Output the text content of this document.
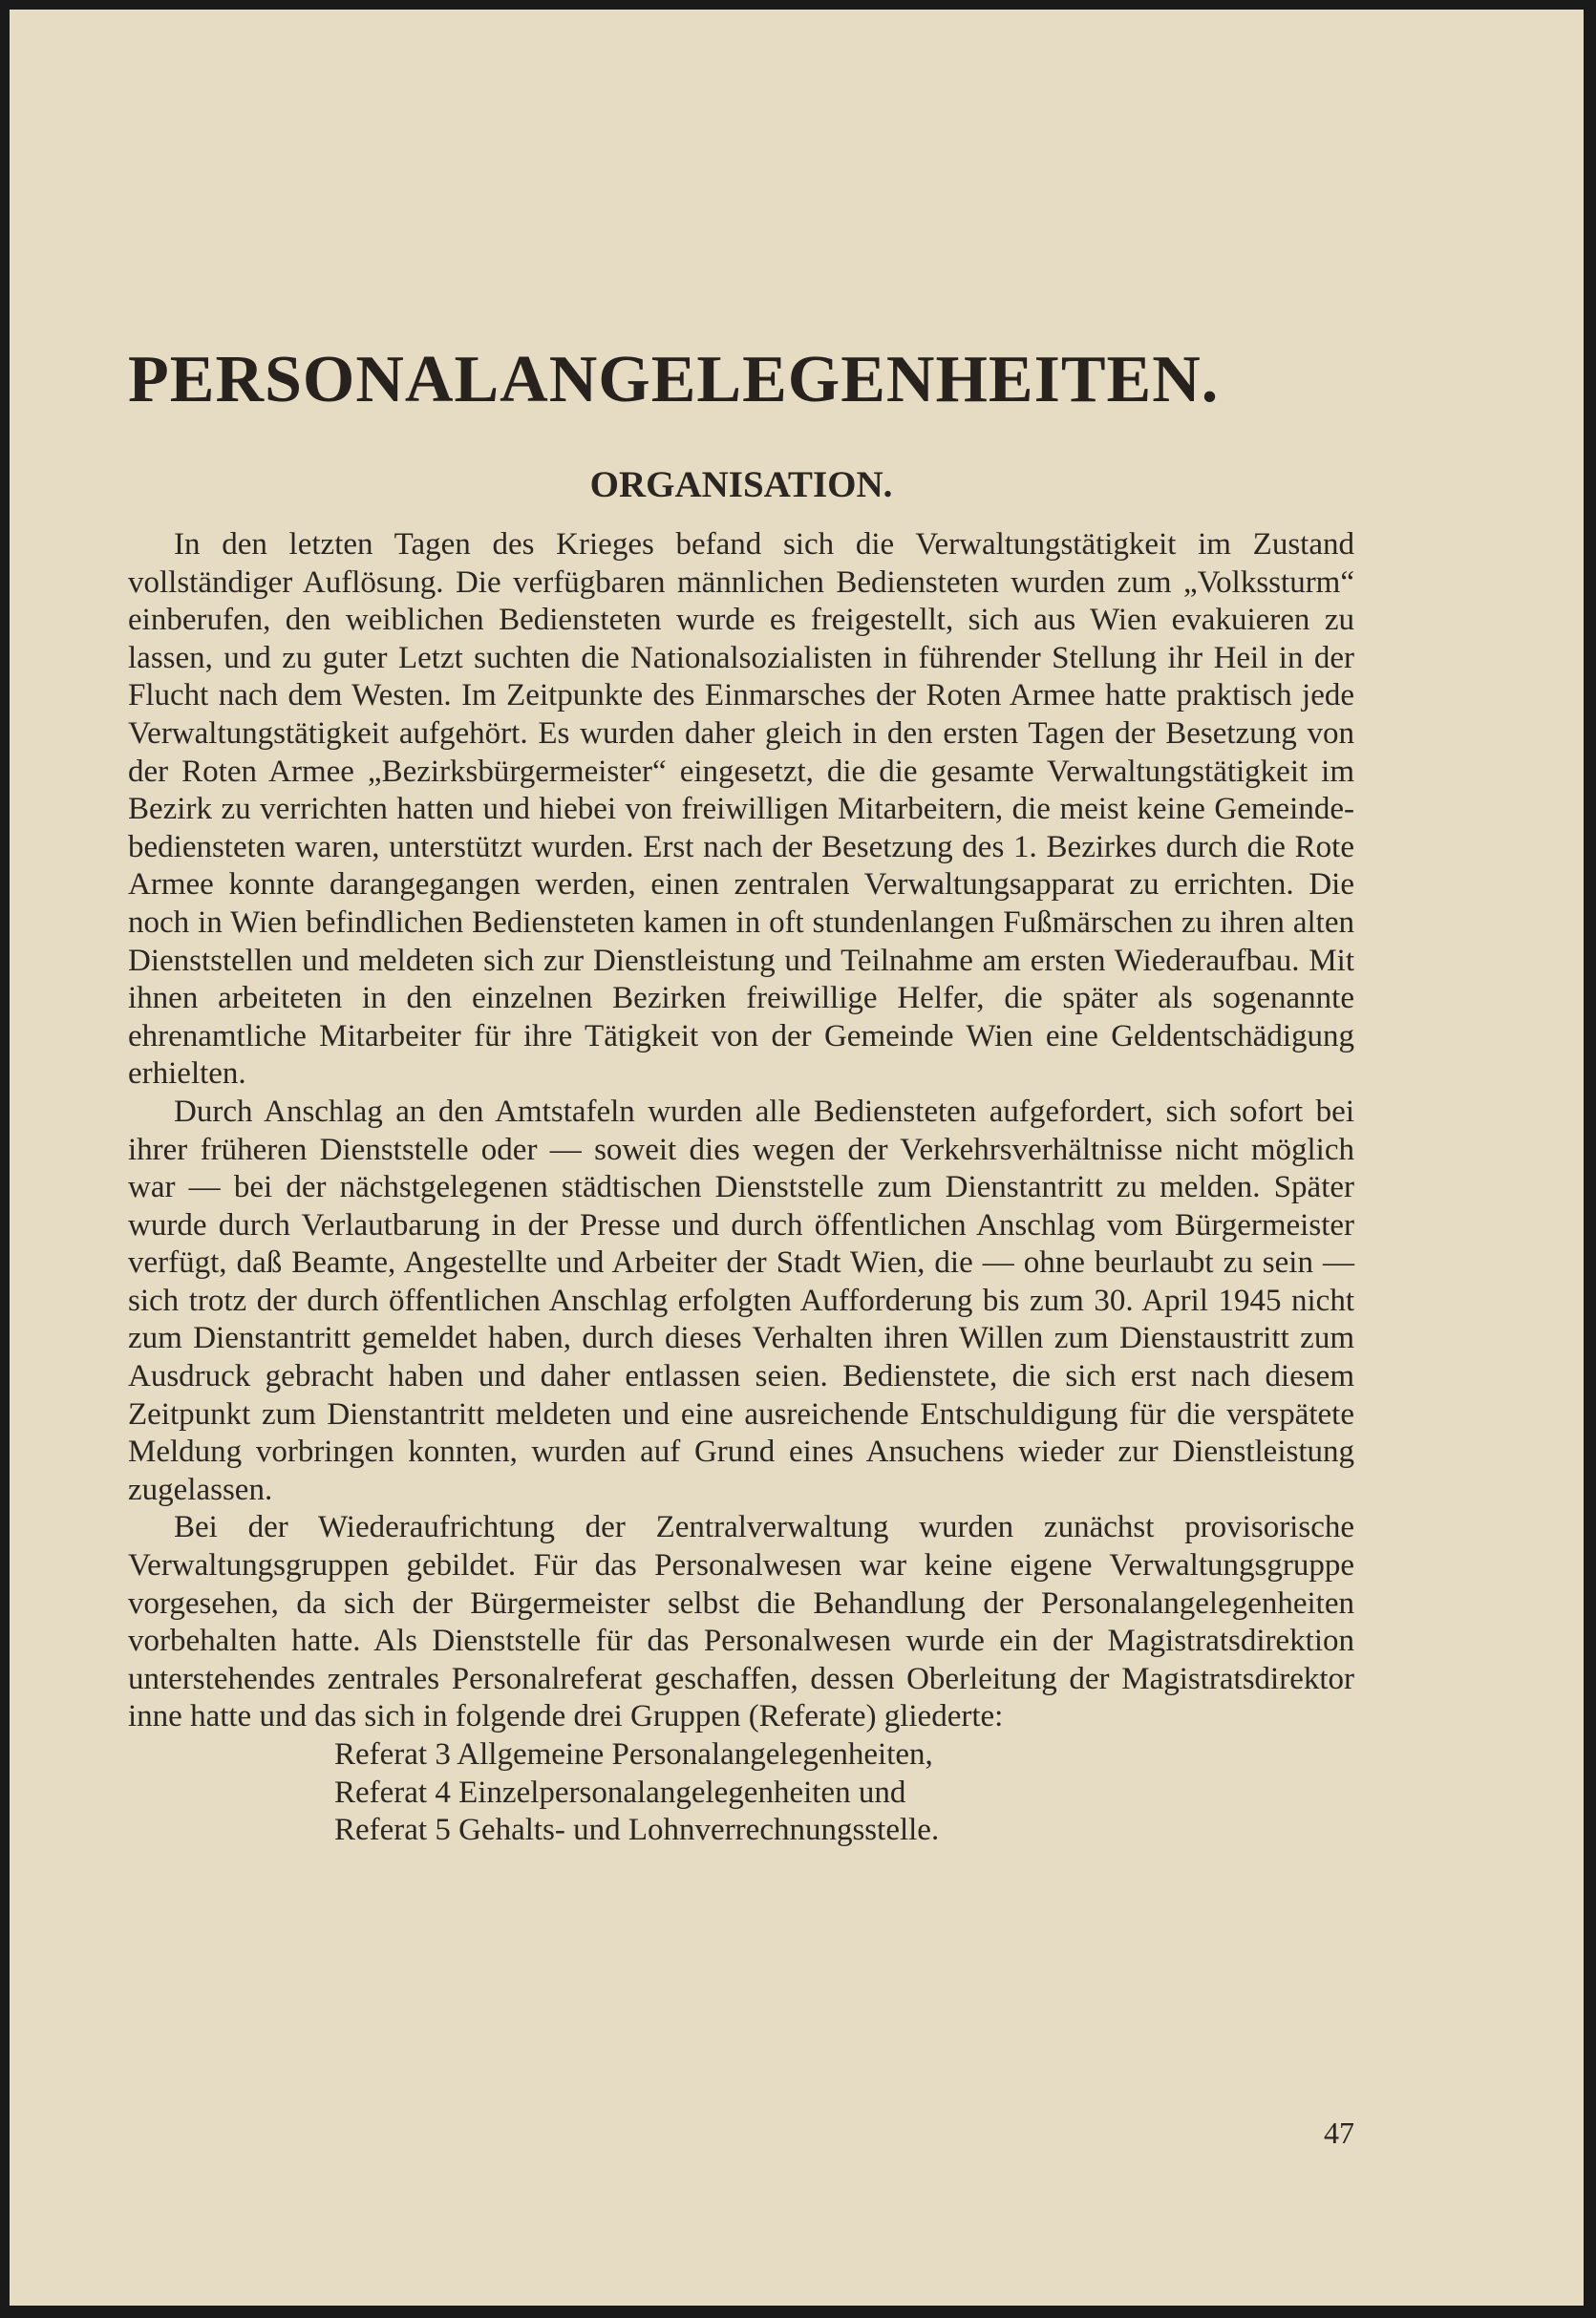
PERSONALANGELEGENHEITEN.
ORGANISATION.

In den letzten Tagen des Krieges befand sich die Verwaltungstätigkeit im Zustand vollständiger Auflösung. Die verfügbaren männlichen Bediensteten wurden zum „Volkssturm“ einberufen, den weiblichen Bediensteten wurde es freigestellt, sich aus Wien evakuieren zu lassen, und zu guter Letzt suchten die Nationalsozialisten in führender Stellung ihr Heil in der Flucht nach dem Westen. Im Zeitpunkte des Einmarsches der Roten Armee hatte praktisch jede Verwaltungstätigkeit aufgehört. Es wurden daher gleich in den ersten Tagen der Besetzung von der Roten Armee „Bezirksbürgermeister“ eingesetzt, die die gesamte Verwaltungstätigkeit im Bezirk zu verrichten hatten und hiebei von freiwilligen Mitarbeitern, die meist keine Gemeindebediensteten waren, unterstützt wurden. Erst nach der Besetzung des 1. Bezirkes durch die Rote Armee konnte darangegangen werden, einen zentralen Verwaltungsapparat zu errichten. Die noch in Wien befindlichen Bediensteten kamen in oft stundenlangen Fußmärschen zu ihren alten Dienststellen und meldeten sich zur Dienstleistung und Teilnahme am ersten Wiederaufbau. Mit ihnen arbeiteten in den einzelnen Bezirken freiwillige Helfer, die später als sogenannte ehrenamtliche Mitarbeiter für ihre Tätigkeit von der Gemeinde Wien eine Geldentschädigung erhielten.

Durch Anschlag an den Amtstafeln wurden alle Bediensteten aufgefordert, sich sofort bei ihrer früheren Dienststelle oder — soweit dies wegen der Verkehrsverhältnisse nicht möglich war — bei der nächstgelegenen städtischen Dienststelle zum Dienstantritt zu melden. Später wurde durch Verlautbarung in der Presse und durch öffentlichen Anschlag vom Bürgermeister verfügt, daß Beamte, Angestellte und Arbeiter der Stadt Wien, die — ohne beurlaubt zu sein — sich trotz der durch öffentlichen Anschlag erfolgten Aufforderung bis zum 30. April 1945 nicht zum Dienstantritt gemeldet haben, durch dieses Verhalten ihren Willen zum Dienstaustritt zum Ausdruck gebracht haben und daher entlassen seien. Bedienstete, die sich erst nach diesem Zeitpunkt zum Dienstantritt meldeten und eine ausreichende Entschuldigung für die verspätete Meldung vorbringen konnten, wurden auf Grund eines Ansuchens wieder zur Dienstleistung zugelassen.

Bei der Wiederaufrichtung der Zentralverwaltung wurden zunächst provisorische Verwaltungsgruppen gebildet. Für das Personalwesen war keine eigene Verwaltungsgruppe vorgesehen, da sich der Bürgermeister selbst die Behandlung der Personalangelegenheiten vorbehalten hatte. Als Dienststelle für das Personalwesen wurde ein der Magistratsdirektion unterstehendes zentrales Personalreferat geschaffen, dessen Oberleitung der Magistratsdirektor inne hatte und das sich in folgende drei Gruppen (Referate) gliederte:

Referat 3 Allgemeine Personalangelegenheiten,
Referat 4 Einzelpersonalangelegenheiten und
Referat 5 Gehalts- und Lohnverrechnungsstelle.
47
